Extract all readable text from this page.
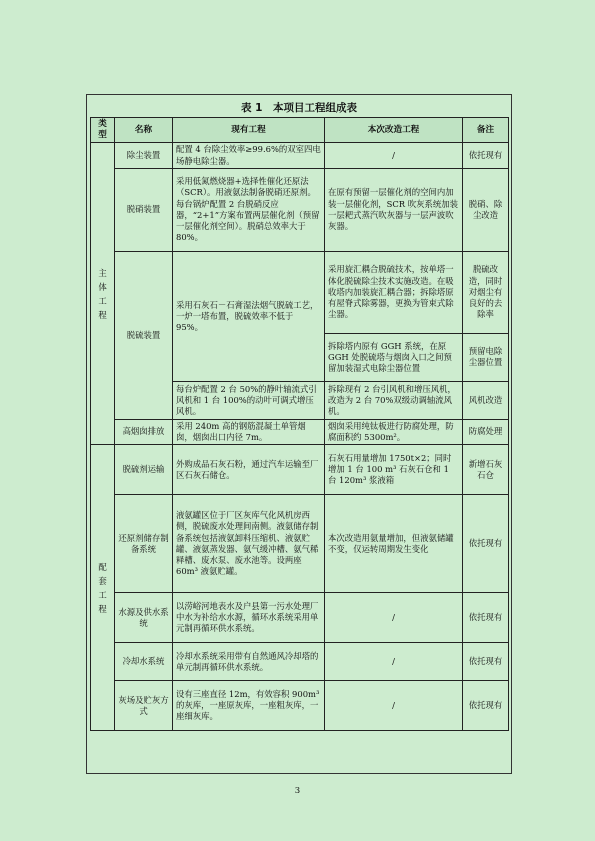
表 1　本项目工程组成表
类型	名称	现有工程	本次改造工程	备注
主体工程	除尘装置	配置 4 台除尘效率≥99.6%的双室四电场静电除尘器。	/	依托现有
	脱硝装置	采用低氮燃烧器+选择性催化还原法（SCR）。用液氨法制备脱硝还原剂。每台锅炉配置 2 台脱硝反应器，“2+1”方案布置两层催化剂（预留一层催化剂空间）。脱硝总效率大于 80%。	在原有预留一层催化剂的空间内加装一层催化剂，SCR 吹灰系统加装一层耙式蒸汽吹灰器与一层声波吹灰器。	脱硝、除尘改造
	脱硫装置	采用石灰石－石膏湿法烟气脱硫工艺，一炉一塔布置，脱硫效率不低于 95%。	采用旋汇耦合脱硫技术，按单塔一体化脱硫除尘技术实施改造。在吸收塔内加装旋汇耦合器；拆除塔原有屋脊式除雾器，更换为管束式除尘器。	脱硫改造，同时对烟尘有良好的去除率
			拆除塔内原有 GGH 系统，在原 GGH 处脱硫塔与烟囱入口之间预留加装湿式电除尘器位置	预留电除尘器位置
		每台炉配置 2 台 50%的静叶轴流式引风机和 1 台 100%的动叶可调式增压风机。	拆除现有 2 台引风机和增压风机，改造为 2 台 70%双级动调轴流风机。	风机改造
	高烟囱排放	采用 240m 高的钢筋混凝土单管烟囱，烟囱出口内径 7m。	烟囱采用纯钛板进行防腐处理，防腐面积约 5300m²。	防腐处理
配套工程	脱硫剂运输	外购成品石灰石粉，通过汽车运输至厂区石灰石储仓。	石灰石用量增加 1750t×2；同时增加 1 台 100 m³ 石灰石仓和 1 台 120m³ 浆液箱	新增石灰石仓
	还原剂储存制备系统	液氨罐区位于厂区灰库气化风机房西侧，脱硫废水处理间南侧。液氨储存制备系统包括液氨卸料压缩机、液氨贮罐、液氨蒸发器、氨气缓冲槽、氨气稀释槽、废水泵、废水池等。设两座 60m³ 液氨贮罐。	本次改造用氨量增加，但液氨储罐不变，仅运转周期发生变化	依托现有
	水源及供水系统	以涝峪河地表水及户县第一污水处理厂中水为补给水水源，循环水系统采用单元制再循环供水系统。	/	依托现有
	冷却水系统	冷却水系统采用带有自然通风冷却塔的单元制再循环供水系统。	/	依托现有
	灰场及贮灰方式	设有三座直径 12m，有效容积 900m³ 的灰库，一座原灰库，一座粗灰库，一座细灰库。	/	依托现有
3
